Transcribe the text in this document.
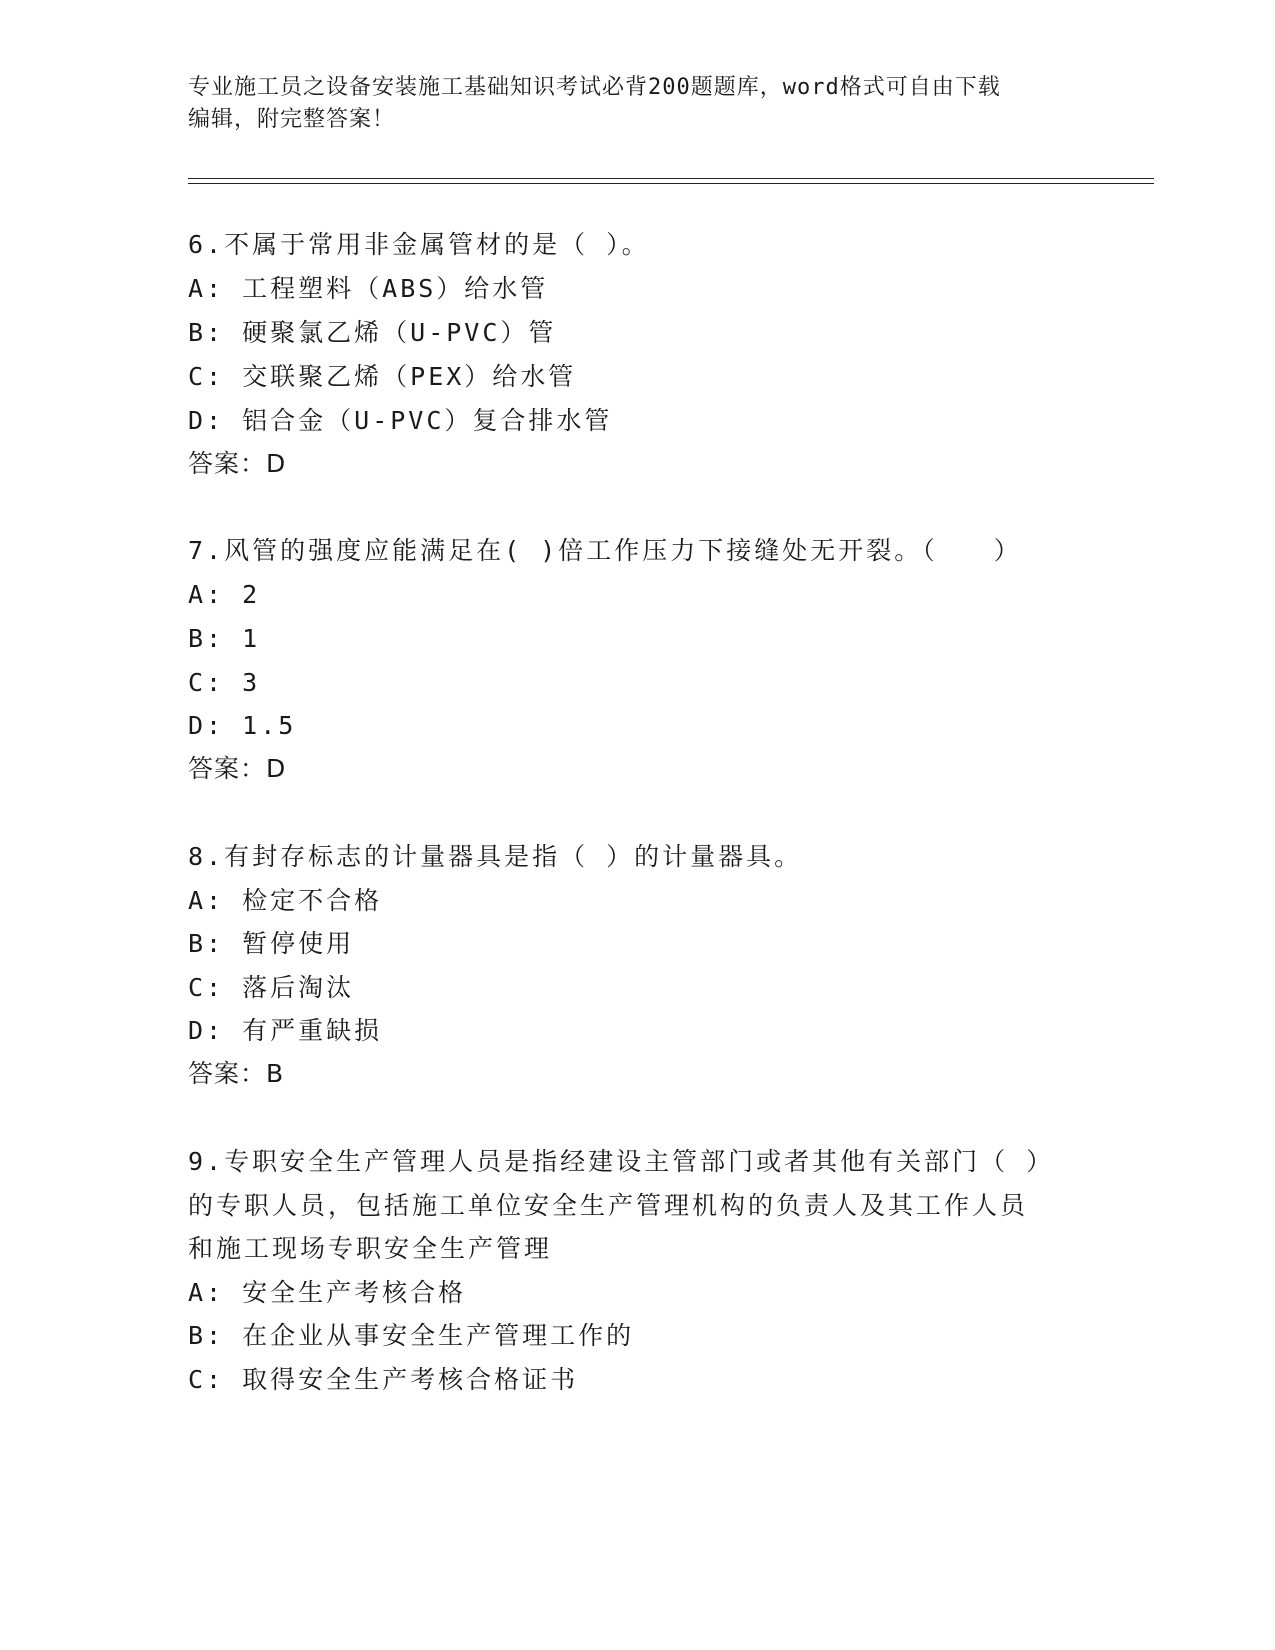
专业施工员之设备安装施工基础知识考试必背200题题库，word格式可自由下载
编辑，附完整答案！
6.不属于常用非金属管材的是（ ）。
A: 工程塑料（ABS）给水管
B: 硬聚氯乙烯（U-PVC）管
C: 交联聚乙烯（PEX）给水管
D: 铝合金（U-PVC）复合排水管
答案：D
7.风管的强度应能满足在( )倍工作压力下接缝处无开裂。（　　）
A: 2
B: 1
C: 3
D: 1.5
答案：D
8.有封存标志的计量器具是指（ ）的计量器具。
A: 检定不合格
B: 暂停使用
C: 落后淘汰
D: 有严重缺损
答案：B
9.专职安全生产管理人员是指经建设主管部门或者其他有关部门（ ）
的专职人员，包括施工单位安全生产管理机构的负责人及其工作人员
和施工现场专职安全生产管理
A: 安全生产考核合格
B: 在企业从事安全生产管理工作的
C: 取得安全生产考核合格证书
